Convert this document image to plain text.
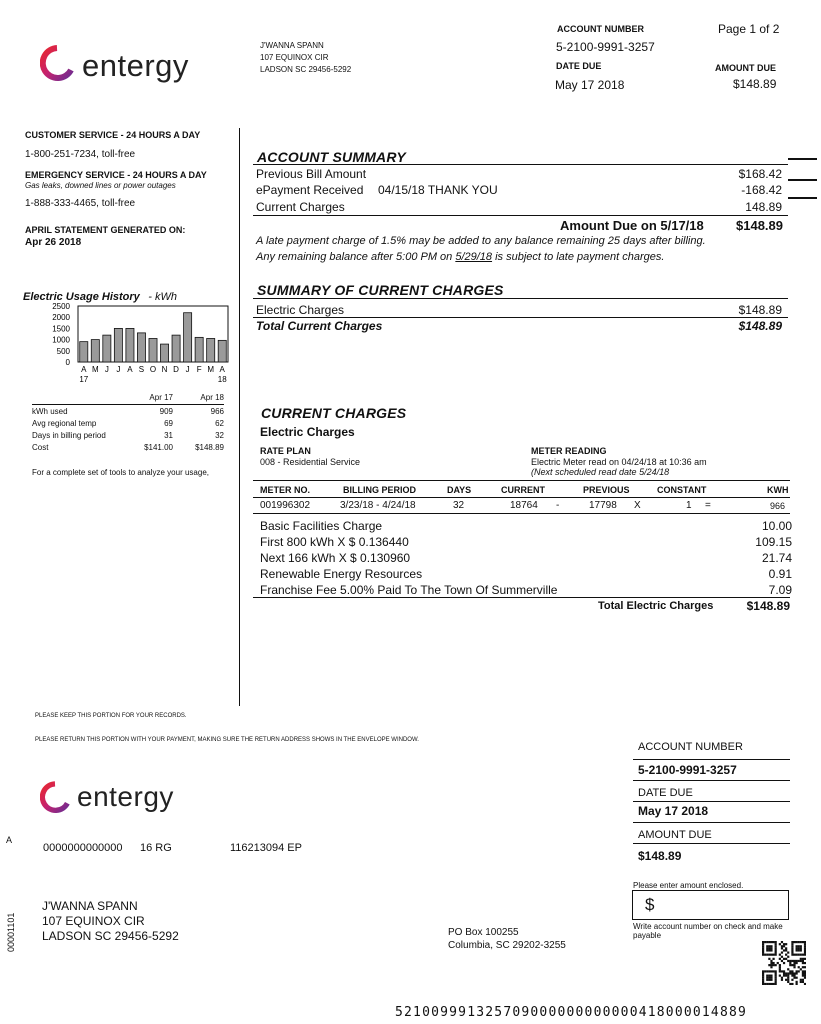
entergy
J'WANNA SPANN
107 EQUINOX CIR
LADSON SC 29456-5292
ACCOUNT NUMBER
5-2100-9991-3257
Page 1 of 2
DATE DUE
May 17 2018
AMOUNT DUE
$148.89
CUSTOMER SERVICE - 24 HOURS A DAY
1-800-251-7234, toll-free
EMERGENCY SERVICE - 24 HOURS A DAY
Gas leaks, downed lines or power outages
1-888-333-4465, toll-free
APRIL STATEMENT GENERATED ON:
Apr 26 2018
Electric Usage History - kWh
2500
2000
1500
1000
500
0
A M J J A S O N D J F M A
17	18
	Apr 17	Apr 18

kWh used	909	966
Avg regional temp	69	62
Days in billing period	31	32
Cost	$141.00	$148.89
For a complete set of tools to analyze your usage,
ACCOUNT SUMMARY
Previous Bill Amount	$168.42
ePayment Received 04/15/18 THANK YOU	-168.42
Current Charges	148.89
Amount Due on 5/17/18	$148.89
A late payment charge of 1.5% may be added to any balance remaining 25 days after billing.
Any remaining balance after 5:00 PM on 5/29/18 is subject to late payment charges.
SUMMARY OF CURRENT CHARGES
Electric Charges	$148.89
Total Current Charges	$148.89
CURRENT CHARGES
Electric Charges
RATE PLAN
008 - Residential Service
METER READING
Electric Meter read on 04/24/18 at 10:36 am
(Next scheduled read date 5/24/18
METER NO.	BILLING PERIOD	DAYS	CURRENT	PREVIOUS	CONSTANT	KWH
001996302	3/23/18 - 4/24/18	32	18764 -	17798 X	1 =	966
Basic Facilities Charge	10.00
First 800 kWh X $ 0.136440	109.15
Next 166 kWh X $ 0.130960	21.74
Renewable Energy Resources	0.91
Franchise Fee 5.00% Paid To The Town Of Summerville	7.09
Total Electric Charges	$148.89
PLEASE KEEP THIS PORTION FOR YOUR RECORDS.
PLEASE RETURN THIS PORTION WITH YOUR PAYMENT, MAKING SURE THE RETURN ADDRESS SHOWS IN THE ENVELOPE WINDOW.
entergy
ACCOUNT NUMBER
5-2100-9991-3257
DATE DUE
May 17 2018
AMOUNT DUE
$148.89
Please enter amount enclosed.
$
Write account number on check and make payable
A
0000000000000 16 RG	116213094 EP
J'WANNA SPANN
107 EQUINOX CIR
LADSON SC 29456-5292	PO Box 100255
Columbia, SC 29202-3255
00001101
521009991325709000000000000418000014889
